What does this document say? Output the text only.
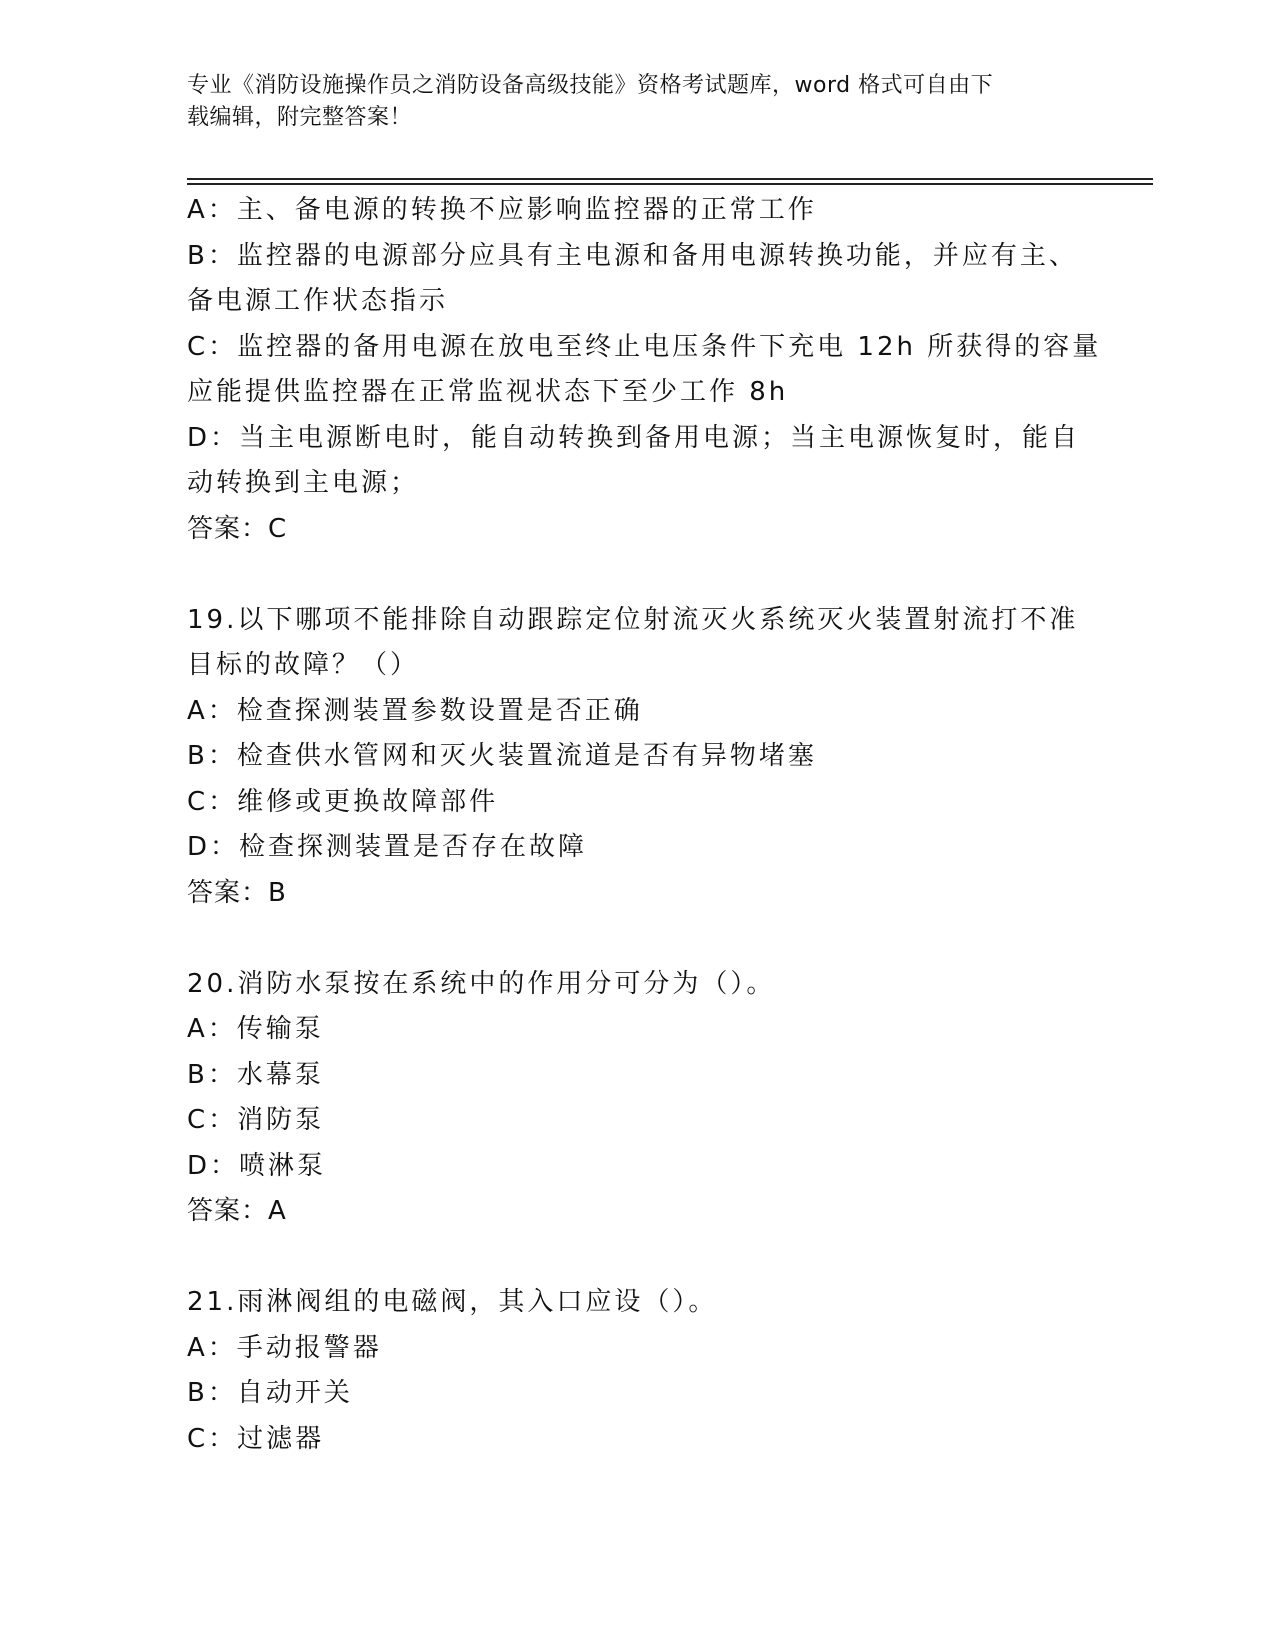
专业《消防设施操作员之消防设备高级技能》资格考试题库，word 格式可自由下
载编辑，附完整答案！
A：主、备电源的转换不应影响监控器的正常工作
B：监控器的电源部分应具有主电源和备用电源转换功能，并应有主、
备电源工作状态指示
C：监控器的备用电源在放电至终止电压条件下充电 12h 所获得的容量
应能提供监控器在正常监视状态下至少工作 8h
D：当主电源断电时，能自动转换到备用电源；当主电源恢复时，能自
动转换到主电源；
答案：C
19.以下哪项不能排除自动跟踪定位射流灭火系统灭火装置射流打不准
目标的故障？（）
A：检查探测装置参数设置是否正确
B：检查供水管网和灭火装置流道是否有异物堵塞
C：维修或更换故障部件
D：检查探测装置是否存在故障
答案：B
20.消防水泵按在系统中的作用分可分为（）。
A：传输泵
B：水幕泵
C：消防泵
D：喷淋泵
答案：A
21.雨淋阀组的电磁阀，其入口应设（）。
A：手动报警器
B：自动开关
C：过滤器
